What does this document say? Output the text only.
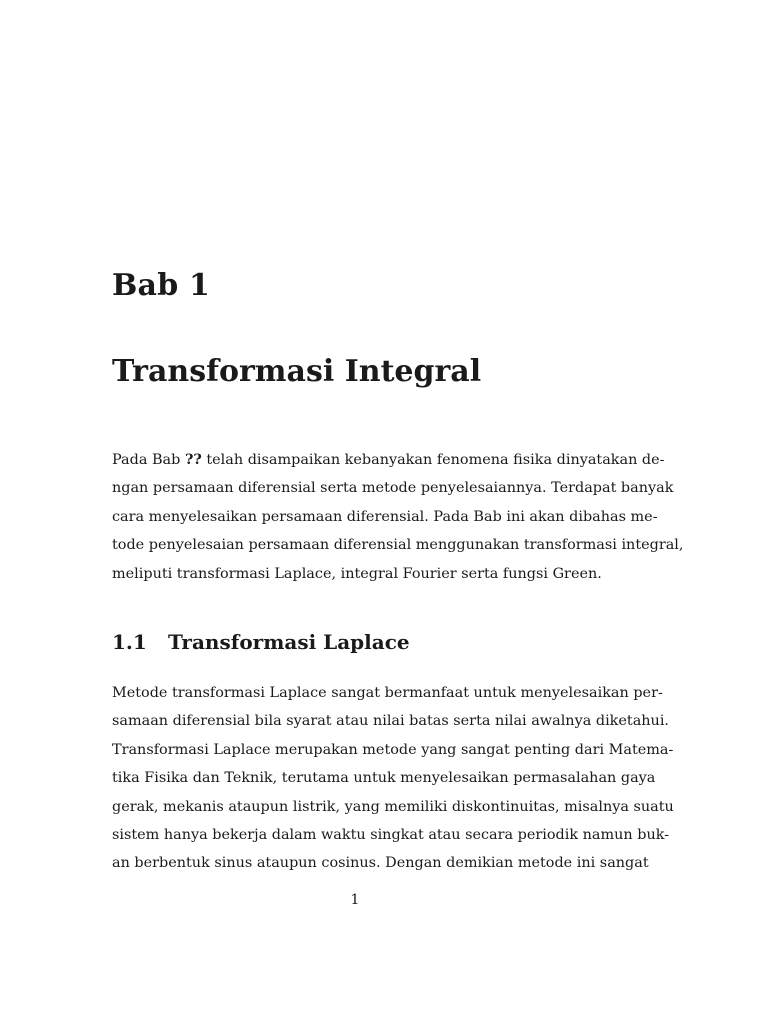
Bab 1
Transformasi Integral
Pada Bab ?? telah disampaikan kebanyakan fenomena fisika dinyatakan de-
ngan persamaan diferensial serta metode penyelesaiannya. Terdapat banyak
cara menyelesaikan persamaan diferensial. Pada Bab ini akan dibahas me-
tode penyelesaian persamaan diferensial menggunakan transformasi integral,
meliputi transformasi Laplace, integral Fourier serta fungsi Green.
1.1 Transformasi Laplace
Metode transformasi Laplace sangat bermanfaat untuk menyelesaikan per-
samaan diferensial bila syarat atau nilai batas serta nilai awalnya diketahui.
Transformasi Laplace merupakan metode yang sangat penting dari Matema-
tika Fisika dan Teknik, terutama untuk menyelesaikan permasalahan gaya
gerak, mekanis ataupun listrik, yang memiliki diskontinuitas, misalnya suatu
sistem hanya bekerja dalam waktu singkat atau secara periodik namun buk-
an berbentuk sinus ataupun cosinus. Dengan demikian metode ini sangat
1
